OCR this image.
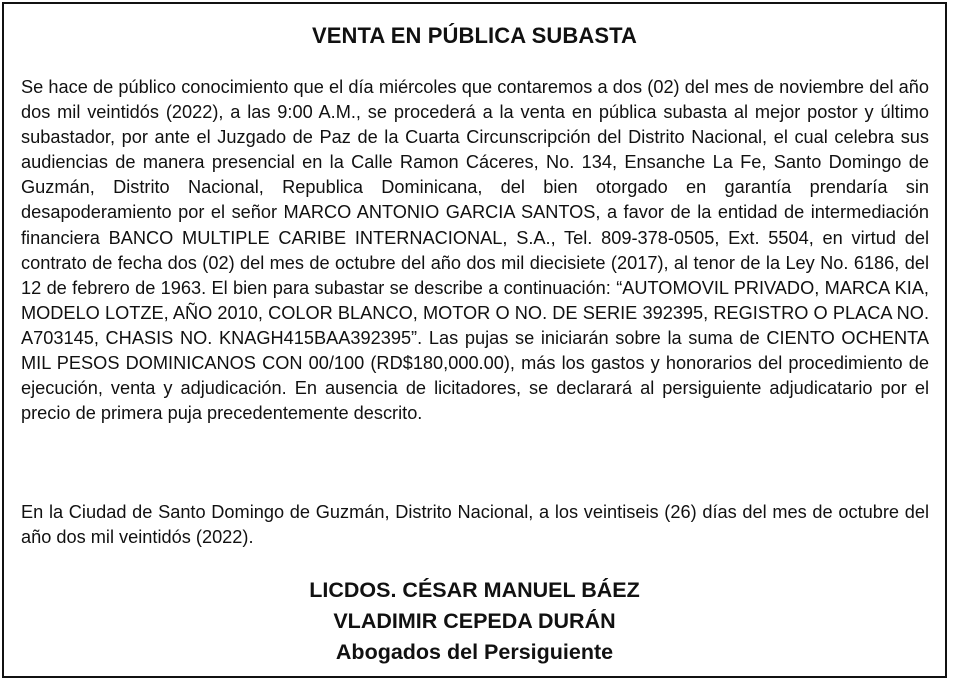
VENTA EN PÚBLICA SUBASTA

Se hace de público conocimiento que el día miércoles que contaremos a dos (02) del mes de noviembre del año dos mil veintidós (2022), a las 9:00 A.M., se procederá a la venta en pública subasta al mejor postor y último subastador, por ante el Juzgado de Paz de la Cuarta Circunscripción del Distrito Nacional, el cual celebra sus audiencias de manera presencial en la Calle Ramon Cáceres, No. 134, Ensanche La Fe, Santo Domingo de Guzmán, Distrito Nacional, Republica Dominicana, del bien otorgado en garantía prendaría sin desapoderamiento por el señor MARCO ANTONIO GARCIA SANTOS, a favor de la entidad de intermediación financiera BANCO MULTIPLE CARIBE INTERNACIONAL, S.A., Tel. 809-378-0505, Ext. 5504, en virtud del contrato de fecha dos (02) del mes de octubre del año dos mil diecisiete (2017), al tenor de la Ley No. 6186, del 12 de febrero de 1963. El bien para subastar se describe a continuación: “AUTOMOVIL PRIVADO, MARCA KIA, MODELO LOTZE, AÑO 2010, COLOR BLANCO, MOTOR O NO. DE SERIE 392395, REGISTRO O PLACA NO. A703145, CHASIS NO. KNAGH415BAA392395”. Las pujas se iniciarán sobre la suma de CIENTO OCHENTA MIL PESOS DOMINICANOS CON 00/100 (RD$180,000.00), más los gastos y honorarios del procedimiento de ejecución, venta y adjudicación. En ausencia de licitadores, se declarará al persiguiente adjudicatario por el precio de primera puja precedentemente descrito.

En la Ciudad de Santo Domingo de Guzmán, Distrito Nacional, a los veintiseis (26) días del mes de octubre del año dos mil veintidós (2022).

LICDOS. CÉSAR MANUEL BÁEZ
VLADIMIR CEPEDA DURÁN
Abogados del Persiguiente
